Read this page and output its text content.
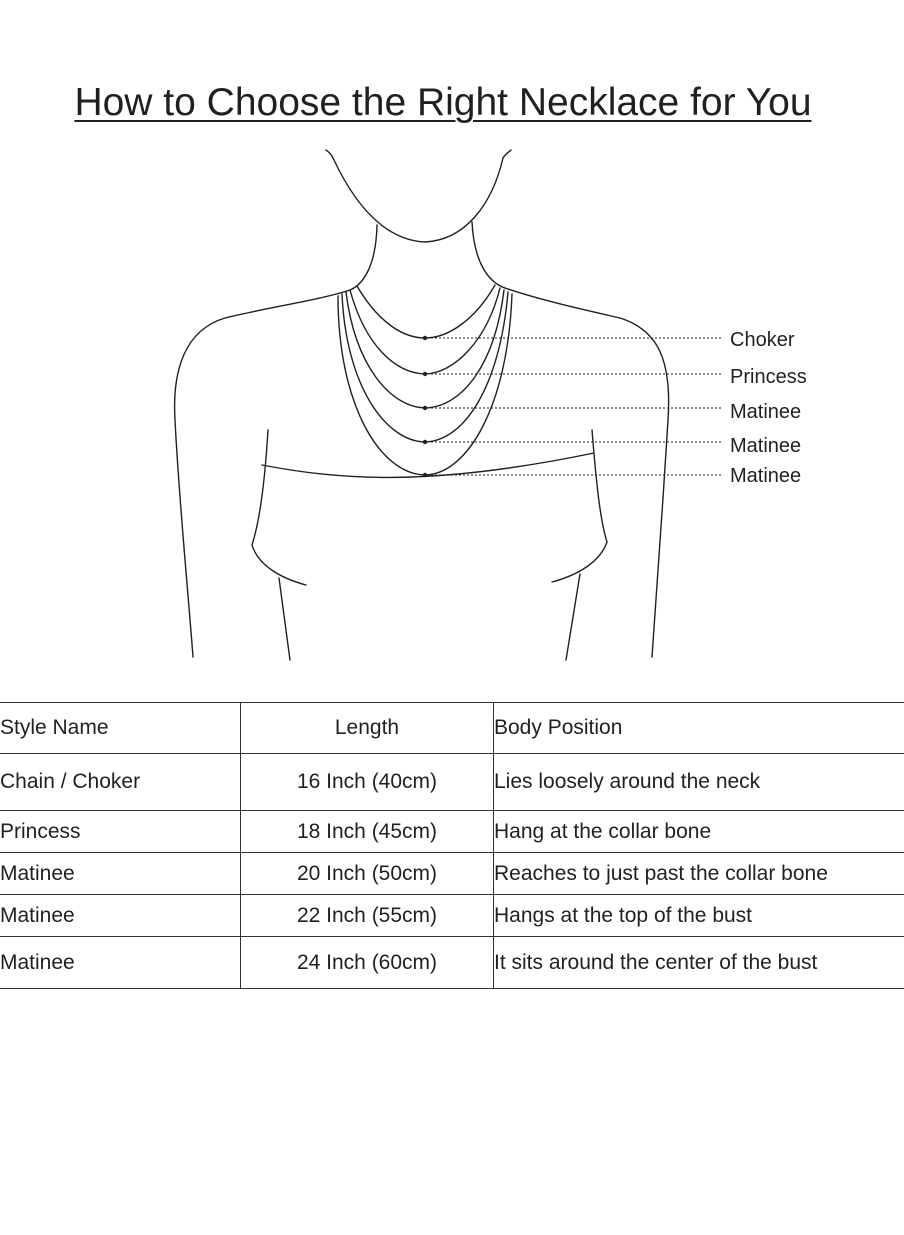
How to Choose the Right Necklace for You
Choker
Princess
Matinee
Matinee
Matinee
Style Name	Length	Body Position
Chain / Choker	16 Inch (40cm)	Lies loosely around the neck
Princess	18 Inch (45cm)	Hang at the collar bone
Matinee	20 Inch (50cm)	Reaches to just past the collar bone
Matinee	22 Inch (55cm)	Hangs at the top of the bust
Matinee	24 Inch (60cm)	It sits around the center of the bust
